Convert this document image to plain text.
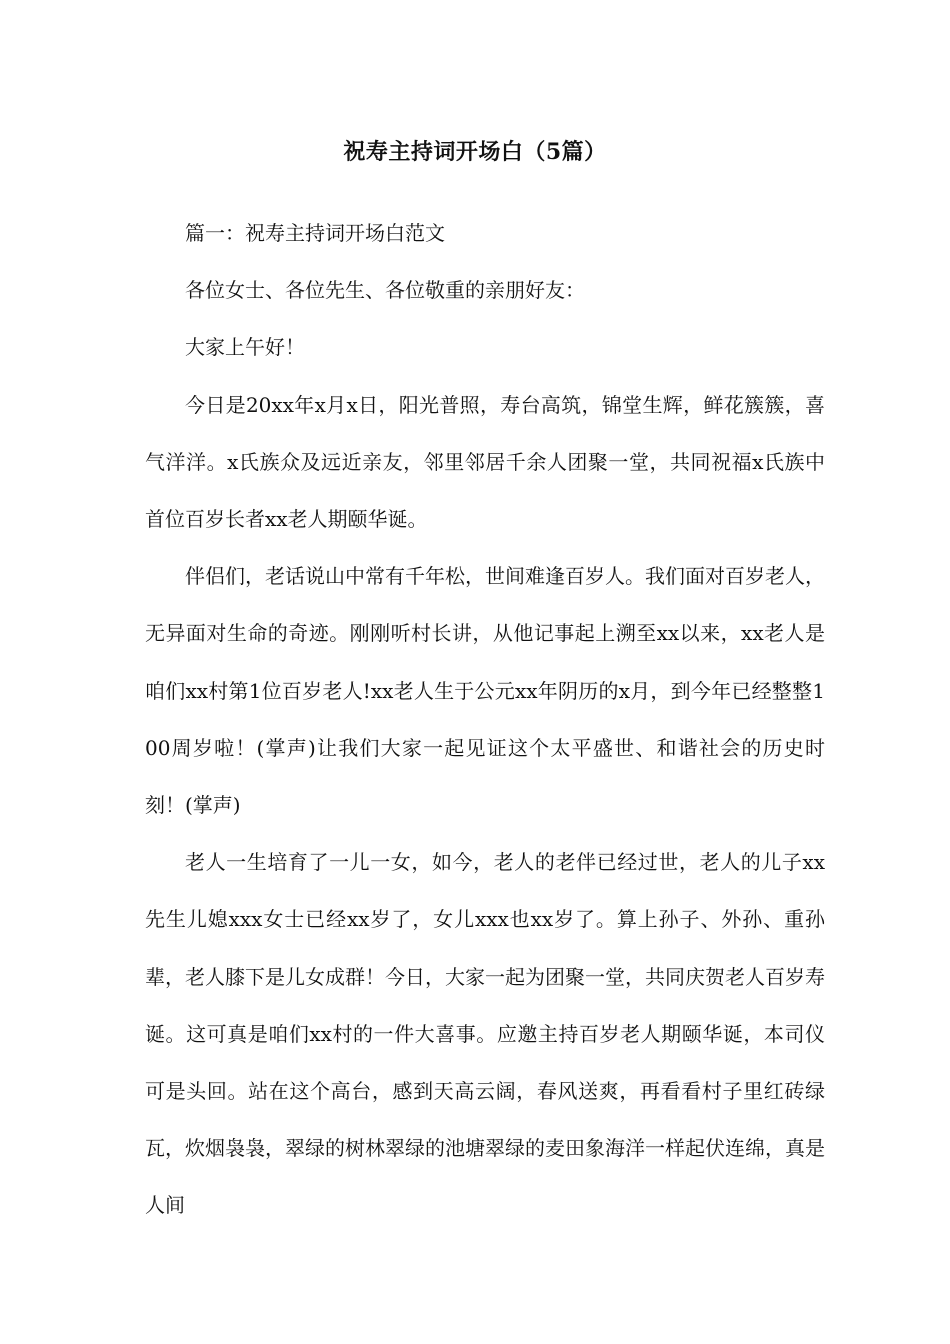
祝寿主持词开场白（5篇）

篇一：祝寿主持词开场白范文

各位女士、各位先生、各位敬重的亲朋好友：

大家上午好！

今日是20xx年x月x日，阳光普照，寿台高筑，锦堂生辉，鲜花簇簇，喜气洋洋。x氏族众及远近亲友，邻里邻居千余人团聚一堂，共同祝福x氏族中首位百岁长者xx老人期颐华诞。

伴侣们，老话说山中常有千年松，世间难逢百岁人。我们面对百岁老人，无异面对生命的奇迹。刚刚听村长讲，从他记事起上溯至xx以来，xx老人是咱们xx村第1位百岁老人!xx老人生于公元xx年阴历的x月，到今年已经整整100周岁啦！(掌声)让我们大家一起见证这个太平盛世、和谐社会的历史时刻！(掌声)

老人一生培育了一儿一女，如今，老人的老伴已经过世，老人的儿子xx先生儿媳xxx女士已经xx岁了，女儿xxx也xx岁了。算上孙子、外孙、重孙辈，老人膝下是儿女成群！今日，大家一起为团聚一堂，共同庆贺老人百岁寿诞。这可真是咱们xx村的一件大喜事。应邀主持百岁老人期颐华诞，本司仪可是头回。站在这个高台，感到天高云阔，春风送爽，再看看村子里红砖绿瓦，炊烟袅袅，翠绿的树林翠绿的池塘翠绿的麦田象海洋一样起伏连绵，真是人间
